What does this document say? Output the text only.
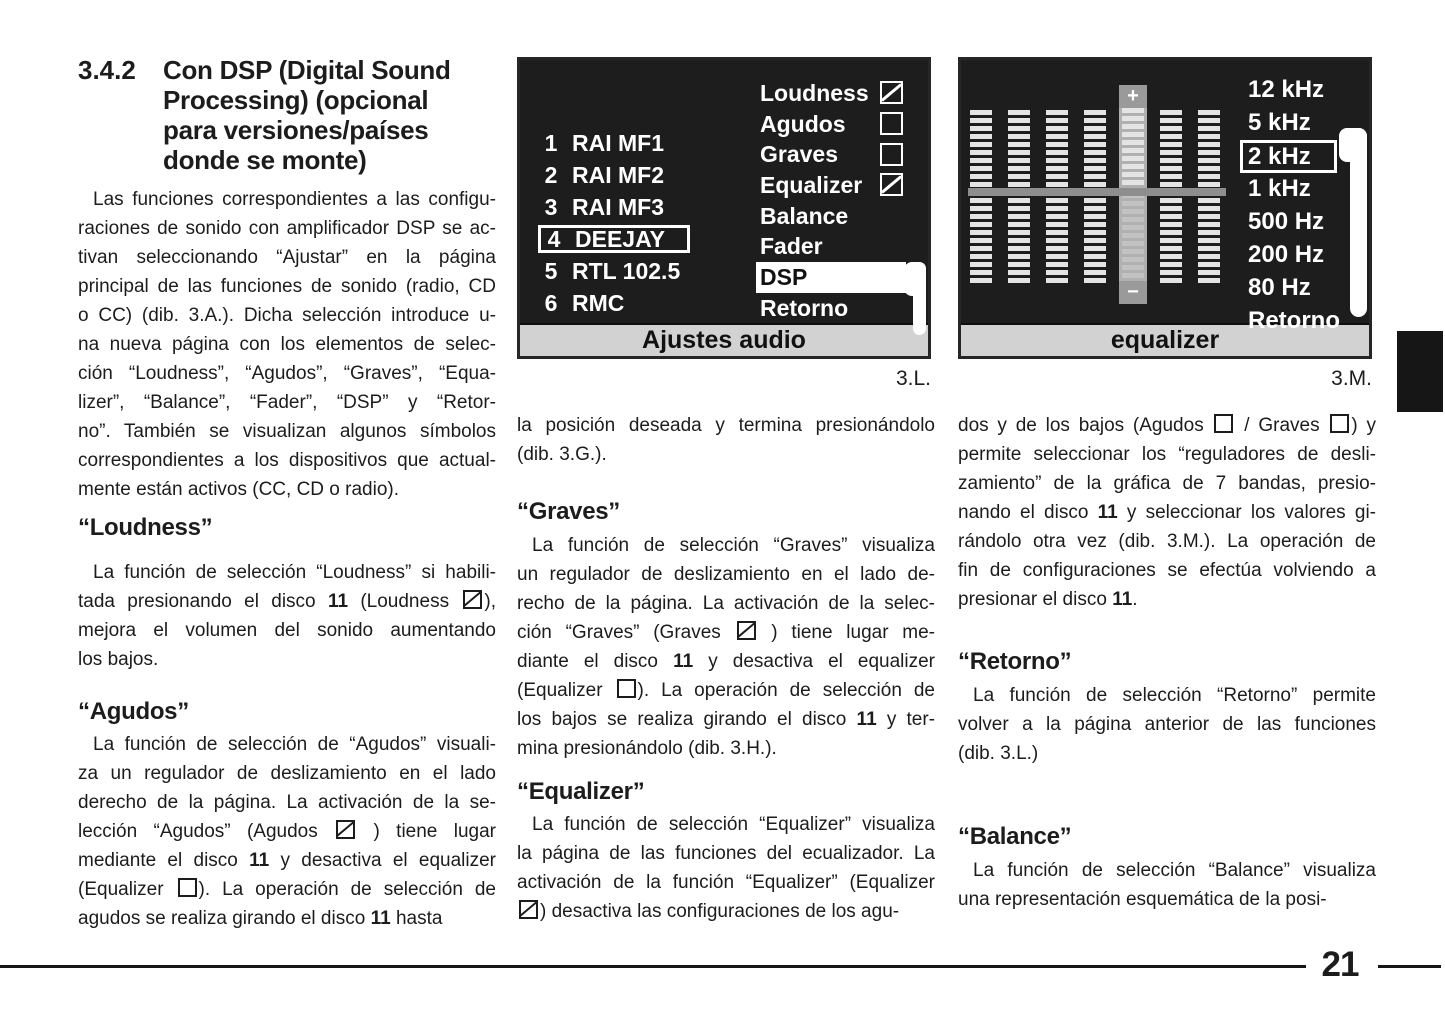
3.4.2	Con DSP (Digital Sound
Processing) (opcional
para versiones/países
donde se monte)
Las funciones correspondientes a las configu-
raciones de sonido con amplificador DSP se ac-
tivan seleccionando “Ajustar” en la página
principal de las funciones de sonido (radio, CD
o CC) (dib. 3.A.). Dicha selección introduce u-
na nueva página con los elementos de selec-
ción “Loudness”, “Agudos”, “Graves”, “Equa-
lizer”, “Balance”, “Fader”, “DSP” y “Retor-
no”. También se visualizan algunos símbolos
correspondientes a los dispositivos que actual-
mente están activos (CC, CD o radio).
“Loudness”
La función de selección “Loudness” si habili-
tada presionando el disco 11 (Loudness
),
mejora el volumen del sonido aumentando
los bajos.
“Agudos”
La función de selección de “Agudos” visuali-
za un regulador de deslizamiento en el lado
derecho de la página. La activación de la se-
lección “Agudos” (Agudos
) tiene lugar
mediante el disco 11 y desactiva el equalizer
(Equalizer ). La operación de selección de
agudos se realiza girando el disco 11 hasta
1 RAI MF1
2 RAI MF2
3 RAI MF3
4 DEEJAY
5 RTL 102.5
6 RMC
Loudness
Agudos
Graves
Equalizer
Balance
Fader
DSP
Retorno
Ajustes audio
3.L.
la posición deseada y termina presionándolo
(dib. 3.G.).
“Graves”
La función de selección “Graves” visualiza
un regulador de deslizamiento en el lado de-
recho de la página. La activación de la selec-
ción “Graves” (Graves
) tiene lugar me-
diante el disco 11 y desactiva el equalizer
(Equalizer ). La operación de selección de
los bajos se realiza girando el disco 11 y ter-
mina presionándolo (dib. 3.H.).
“Equalizer”
La función de selección “Equalizer” visualiza
la página de las funciones del ecualizador. La
activación de la función “Equalizer” (Equalizer
) desactiva las configuraciones de los agu-
+
−
12 kHz
5 kHz
2 kHz
1 kHz
500 Hz
200 Hz
80 Hz
Retorno
equalizer
3.M.
dos y de los bajos (Agudos  / Graves ) y
permite seleccionar los “reguladores de desli-
zamiento” de la gráfica de 7 bandas, presio-
nando el disco 11 y seleccionar los valores gi-
rándolo otra vez (dib. 3.M.). La operación de
fin de configuraciones se efectúa volviendo a
presionar el disco 11.
“Retorno”
La función de selección “Retorno” permite
volver a la página anterior de las funciones
(dib. 3.L.)
“Balance”
La función de selección “Balance” visualiza
una representación esquemática de la posi-
21
